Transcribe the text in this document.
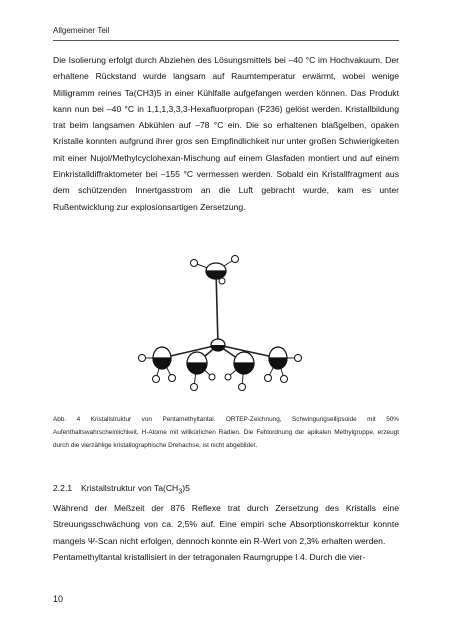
Allgemeiner Teil

Die Isolierung erfolgt durch Abziehen des Lösungsmittels bei –40 °C im Hochvakuum. Der erhaltene Rückstand wurde langsam auf Raumtemperatur erwärmt, wobei wenige Milligramm reines Ta(CH3)5 in einer Kühlfalle aufgefangen werden können. Das Produkt kann nun bei –40 °C in 1,1,1,3,3,3-Hexafluorpropan (F236) gelöst werden. Kristallbildung trat beim langsamen Abkühlen auf –78 °C ein. Die so erhaltenen blaßgelben, opaken Kristalle konnten aufgrund ihrer gros sen Empfindlichkeit nur unter großen Schwierigkeiten mit einer Nujol/Methylcyclohexan-Mischung auf einem Glasfaden montiert und auf einem Einkristalldiffraktometer bei –155 °C vermessen werden. Sobald ein Kristallfragment aus dem schützenden Innertgasstrom an die Luft gebracht wurde, kam es unter Rußentwicklung zur explosionsartigen Zersetzung.

Abb. 4 Kristallstruktur von Pentamethyltantal. ORTEP-Zeichnung, Schwingungsellipsoide mit 50% Aufenthaltswahrscheinlichkeit, H-Atome mit willkürlichen Radien. Die Fehlordnung der apikalen Methylgruppe, erzeugt durch die vierzählige kristallographische Drehachse, ist nicht abgebildet.
2.2.1 Kristallstruktur von $Ta(CH_3)5$

Während der Meßzeit der 876 Reflexe trat durch Zersetzung des Kristalls eine Streuungsschwächung von ca. 2,5% auf. Eine empiri sche Absorptionskorrektur konnte mangels Ψ-Scan nicht erfolgen, dennoch konnte ein R-Wert von 2,3% erhalten werden.

Pentamethyltantal kristallisiert in der tetragonalen Raumgruppe I 4. Durch die vier-

10
